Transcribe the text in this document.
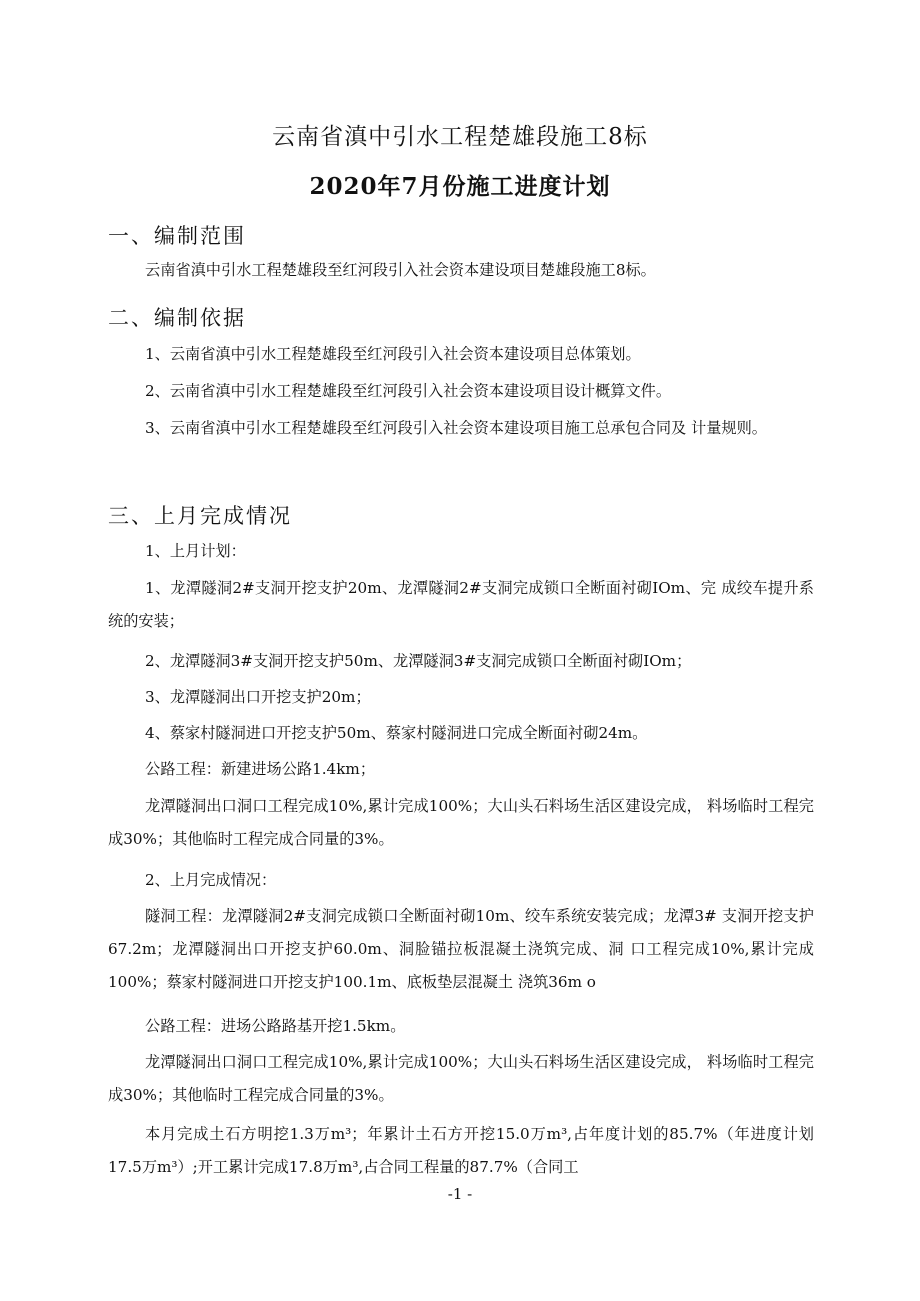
云南省滇中引水工程楚雄段施工8标
2020年7月份施工进度计划
一、编制范围
云南省滇中引水工程楚雄段至红河段引入社会资本建设项目楚雄段施工8标。
二、编制依据
1、云南省滇中引水工程楚雄段至红河段引入社会资本建设项目总体策划。
2、云南省滇中引水工程楚雄段至红河段引入社会资本建设项目设计概算文件。
3、云南省滇中引水工程楚雄段至红河段引入社会资本建设项目施工总承包合同及 计量规则。
三、上月完成情况
1、上月计划：
1、龙潭隧洞2#支洞开挖支护20m、龙潭隧洞2#支洞完成锁口全断面衬砌IOm、完 成绞车提升系统的安装；
2、龙潭隧洞3#支洞开挖支护50m、龙潭隧洞3#支洞完成锁口全断面衬砌IOm；
3、龙潭隧洞出口开挖支护20m；
4、蔡家村隧洞进口开挖支护50m、蔡家村隧洞进口完成全断面衬砌24m。
公路工程：新建进场公路1.4km；
龙潭隧洞出口洞口工程完成10%,累计完成100%；大山头石料场生活区建设完成， 料场临时工程完成30%；其他临时工程完成合同量的3%。
2、上月完成情况：
隧洞工程：龙潭隧洞2#支洞完成锁口全断面衬砌10m、绞车系统安装完成；龙潭3# 支洞开挖支护67.2m；龙潭隧洞出口开挖支护60.0m、洞脸锚拉板混凝土浇筑完成、洞 口工程完成10%,累计完成100%；蔡家村隧洞进口开挖支护100.1m、底板垫层混凝土 浇筑36m o
公路工程：进场公路路基开挖1.5km。
龙潭隧洞出口洞口工程完成10%,累计完成100%；大山头石料场生活区建设完成， 料场临时工程完成30%；其他临时工程完成合同量的3%。
本月完成土石方明挖1.3万m³；年累计土石方开挖15.0万m³,占年度计划的85.7%（年进度计划17.5万m³）;开工累计完成17.8万m³,占合同工程量的87.7%（合同工
-1 -
